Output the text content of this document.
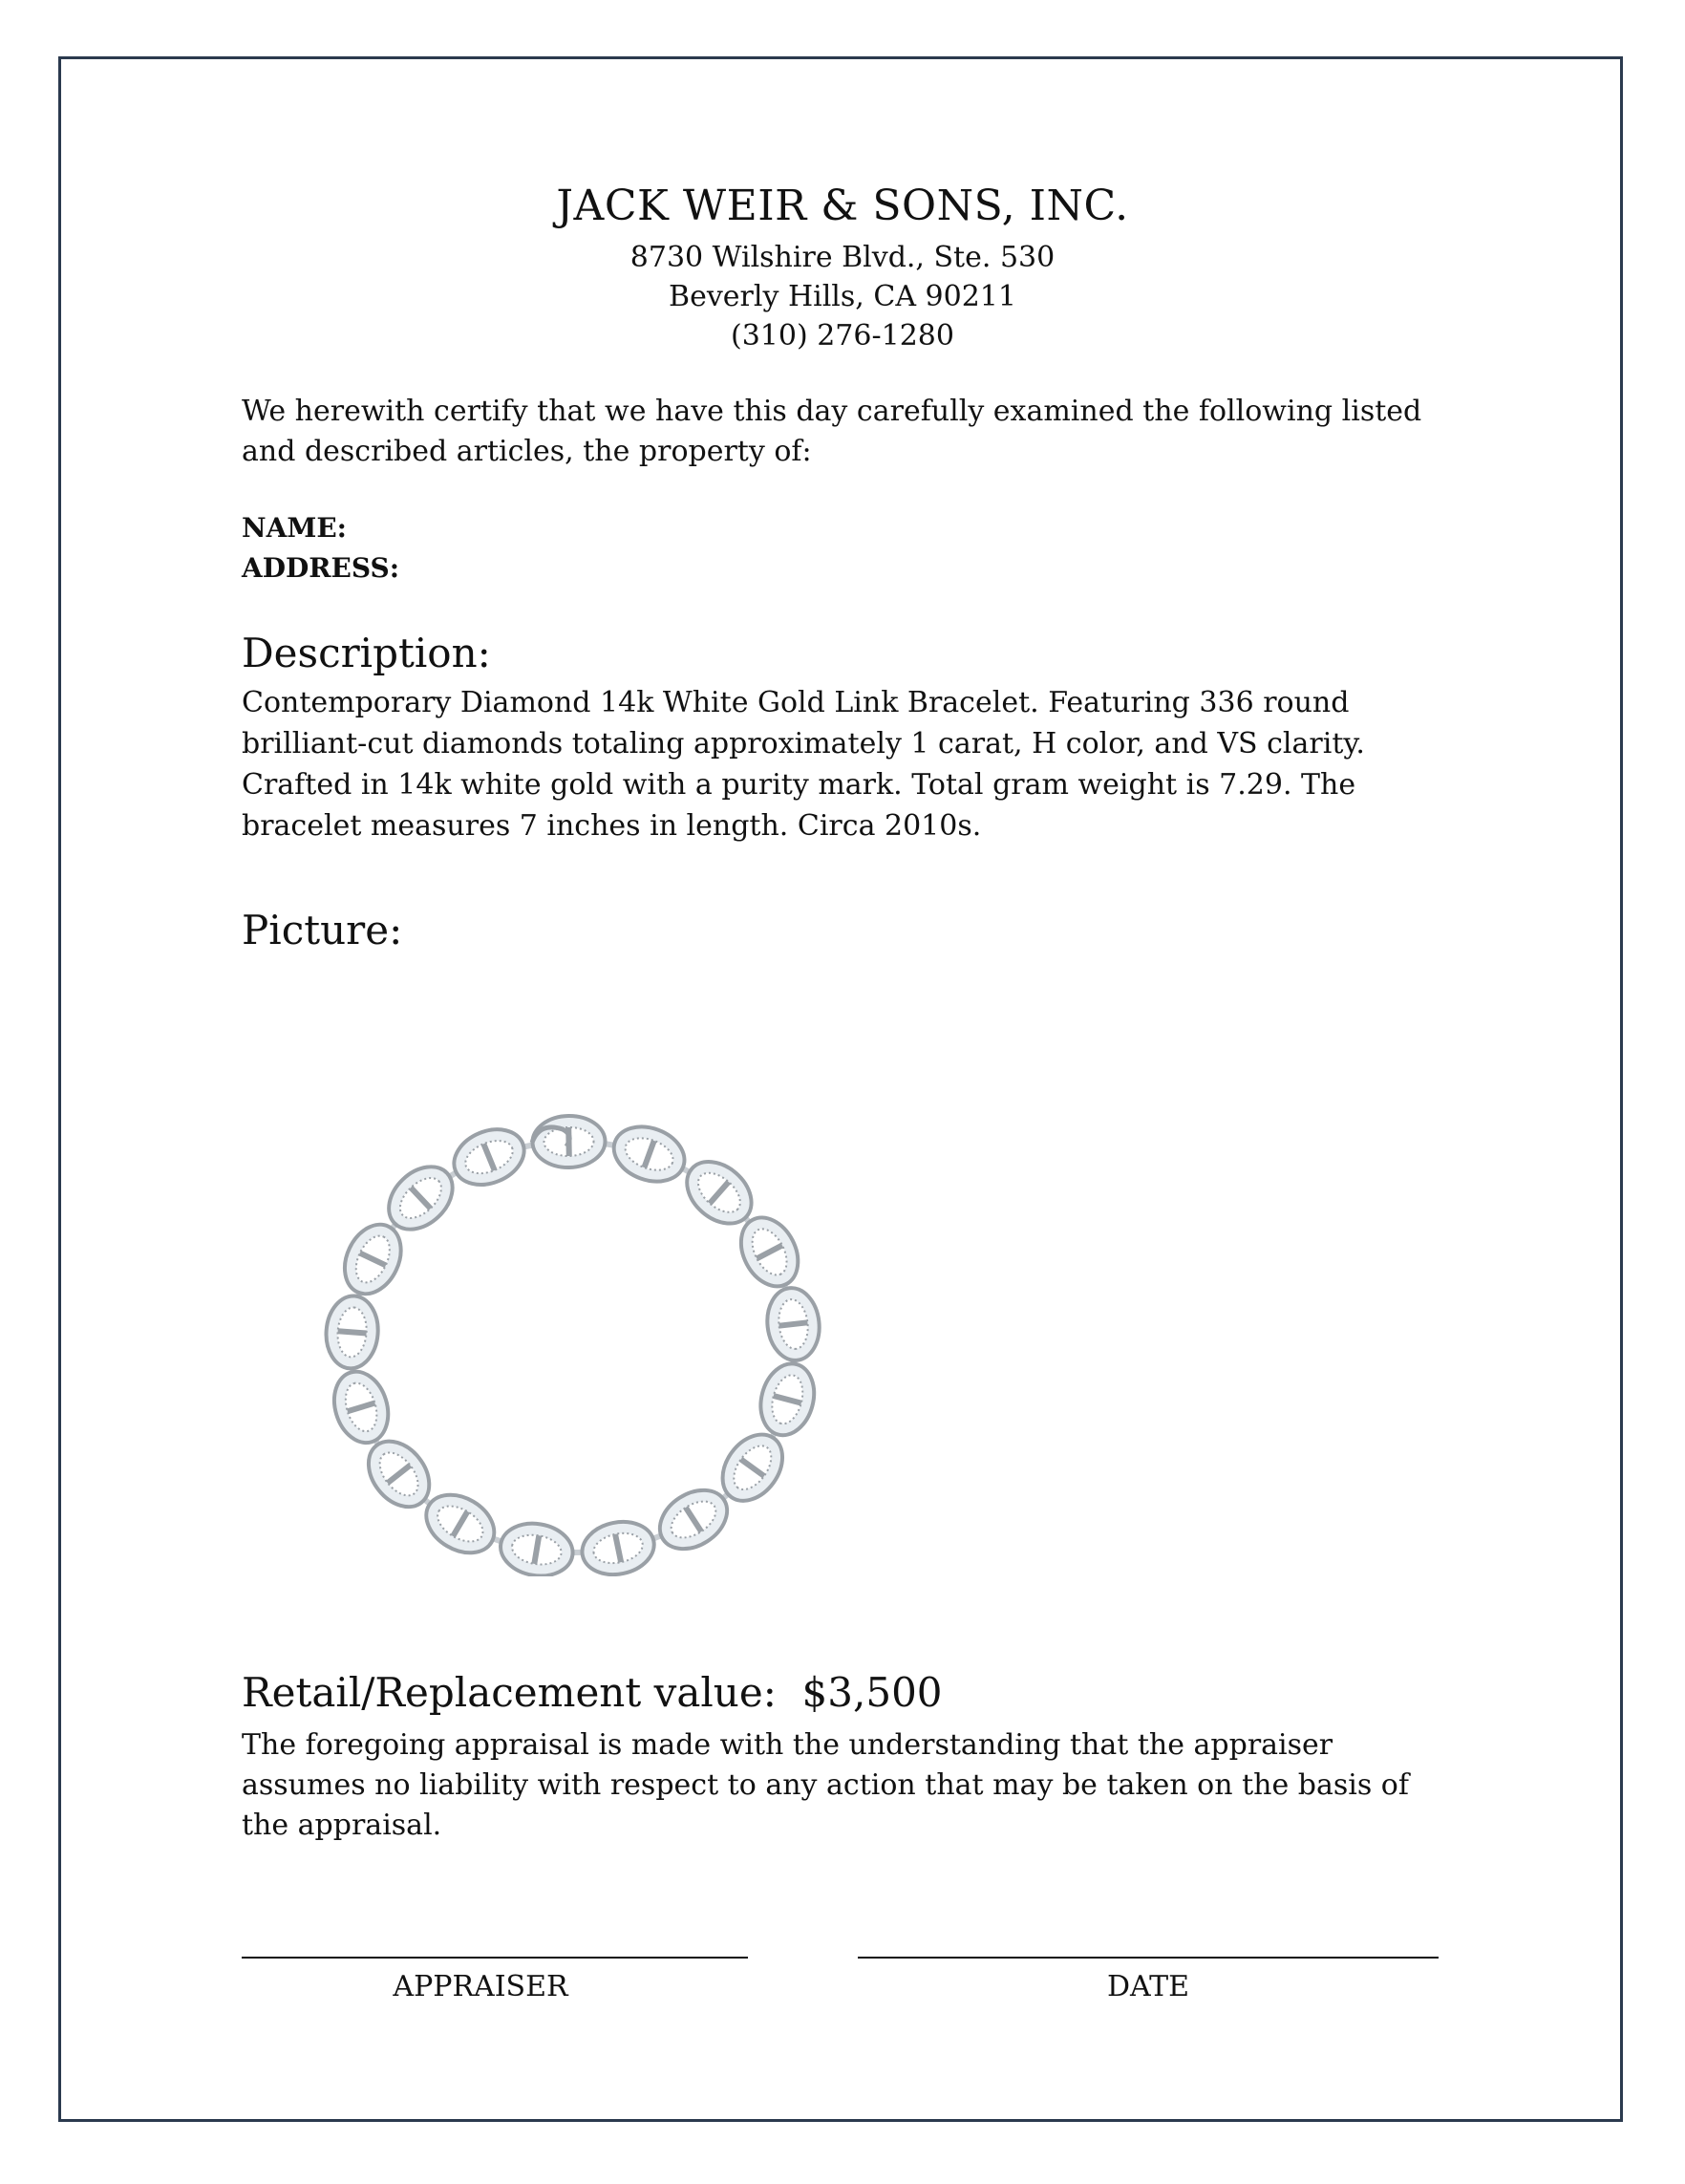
JACK WEIR & SONS, INC.
8730 Wilshire Blvd., Ste. 530
Beverly Hills, CA 90211
(310) 276-1280
We herewith certify that we have this day carefully examined the following listed and described articles, the property of:
NAME:
ADDRESS:
Description:
Contemporary Diamond 14k White Gold Link Bracelet. Featuring 336 round brilliant-cut diamonds totaling approximately 1 carat, H color, and VS clarity. Crafted in 14k white gold with a purity mark. Total gram weight is 7.29. The bracelet measures 7 inches in length. Circa 2010s.
Picture:
Retail/Replacement value: $3,500
The foregoing appraisal is made with the understanding that the appraiser assumes no liability with respect to any action that may be taken on the basis of the appraisal.
APPRAISER	DATE
